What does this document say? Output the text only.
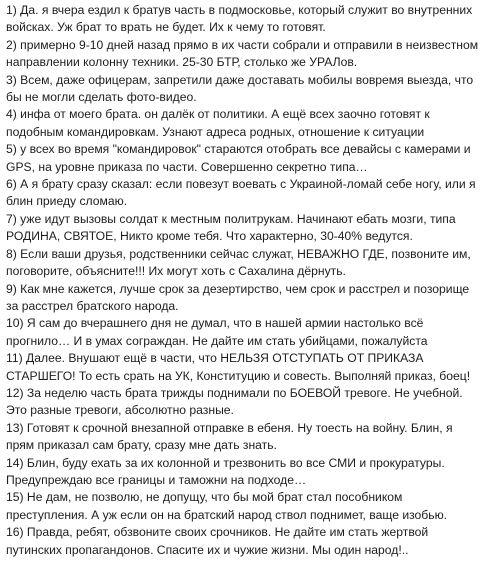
1) Да. я вчера ездил к братув часть в подмосковье, который служит во внутренних войсках. Уж брат то врать не будет. Их к чему то готовят.

2) примерно 9-10 дней назад прямо в их части собрали и отправили в неизвестном направлении колонну техники. 25-30 БТР, столько же УРАЛов.

3) Всем, даже офицерам, запретили даже доставать мобилы вовремя выезда, что бы не могли сделать фото-видео.

4) инфа от моего брата. он далёк от политики. А ещё всех заочно готовят к подобным командировкам. Узнают адреса родных, отношение к ситуации

5) у всех во время "командировок" стараются отобрать все девайсы с камерами и GPS, на уровне приказа по части. Совершенно секретно типа…

6) А я брату сразу сказал: если повезут воевать с Украиной-ломай себе ногу, или я блин приеду сломаю.

7) уже идут вызовы солдат к местным политрукам. Начинают ебать мозги, типа РОДИНА, СВЯТОЕ, Никто кроме тебя. Что характерно, 30-40% ведутся.

8) Если ваши друзья, родственники сейчас служат, НЕВАЖНО ГДЕ, позвоните им, поговорите, объясните!!! Их могут хоть с Сахалина дёрнуть.

9) Как мне кажется, лучше срок за дезертирство, чем срок и расстрел и позорище за расстрел братского народа.

10) Я сам до вчерашнего дня не думал, что в нашей армии настолько всё прогнило… И в умах сограждан. Не дайте им стать убийцами, пожалуйста

11) Далее. Внушают ещё в части, что НЕЛЬЗЯ ОТСТУПАТЬ ОТ ПРИКАЗА СТАРШЕГО! То есть срать на УК, Конституцию и совесть. Выполняй приказ, боец!

12) За неделю часть брата трижды поднимали по БОЕВОЙ тревоге. Не учебной. Это разные тревоги, абсолютно разные.

13) Готовят к срочной внезапной отправке в ебеня. Ну тоесть на войну. Блин, я прям приказал сам брату, сразу мне дать знать.

14) Блин, буду ехать за их колонной и трезвонить во все СМИ и прокуратуры. Предупреждаю все границы и таможни на подходе…

15) Не дам, не позволю, не допущу, что бы мой брат стал пособником преступления. А уж если он на братский народ ствол поднимет, ваще изобью.

16) Правда, ребят, обзвоните своих срочников. Не дайте им стать жертвой путинских пропагандонов. Спасите их и чужие жизни. Мы один народ!..
